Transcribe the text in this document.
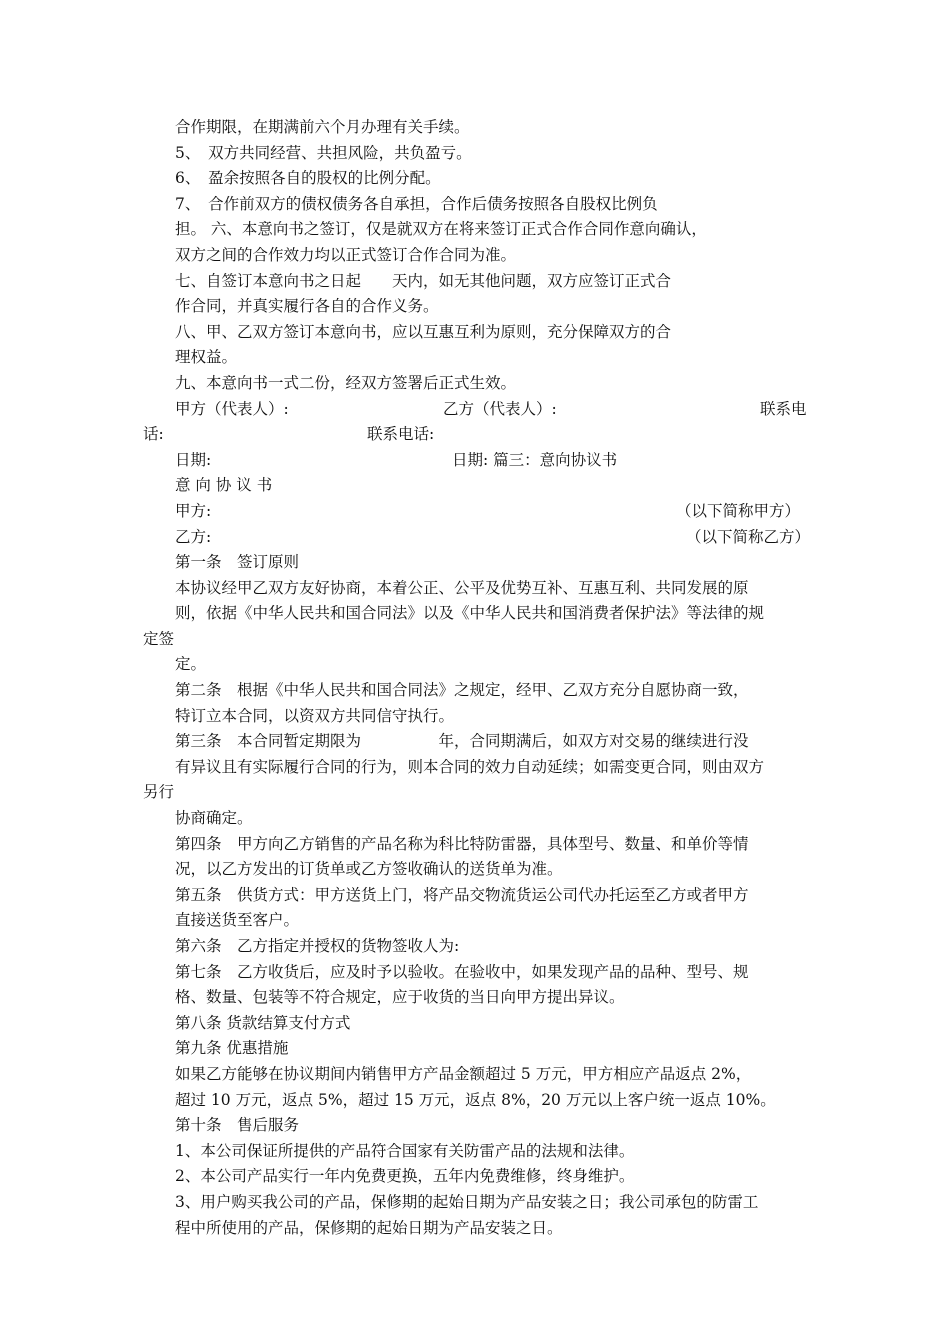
合作期限，在期满前六个月办理有关手续。
5、　双方共同经营、共担风险，共负盈亏。
6、　盈余按照各自的股权的比例分配。
7、　合作前双方的债权债务各自承担，合作后债务按照各自股权比例负
担。 六、本意向书之签订，仅是就双方在将来签订正式合作合同作意向确认，
双方之间的合作效力均以正式签订合作合同为准。
七、自签订本意向书之日起　　天内，如无其他问题，双方应签订正式合
作合同，并真实履行各自的合作义务。
八、甲、乙双方签订本意向书，应以互惠互利为原则，充分保障双方的合
理权益。
九、本意向书一式二份，经双方签署后正式生效。

甲方（代表人）:

	乙方（代表人）:

	联系电

话:

	联系电话:

日期:

	日期: 篇三：意向协议书

意 向 协 议 书

甲方:

	（以下简称甲方）

乙方:

	（以下简称乙方）

第一条　签订原则
本协议经甲乙双方友好协商，本着公正、公平及优势互补、互惠互利、共同发展的原
则，依据《中华人民共和国合同法》以及《中华人民共和国消费者保护法》等法律的规
定签
定。
第二条　根据《中华人民共和国合同法》之规定，经甲、乙双方充分自愿协商一致，
特订立本合同，以资双方共同信守执行。
第三条　本合同暂定期限为　　　　　年，合同期满后，如双方对交易的继续进行没
有异议且有实际履行合同的行为，则本合同的效力自动延续；如需变更合同，则由双方
另行
协商确定。
第四条　甲方向乙方销售的产品名称为科比特防雷器，具体型号、数量、和单价等情
况，以乙方发出的订货单或乙方签收确认的送货单为准。
第五条　供货方式：甲方送货上门，将产品交物流货运公司代办托运至乙方或者甲方
直接送货至客户。
第六条　乙方指定并授权的货物签收人为:
第七条　乙方收货后，应及时予以验收。在验收中，如果发现产品的品种、型号、规
格、数量、包装等不符合规定，应于收货的当日向甲方提出异议。
第八条 货款结算支付方式
第九条 优惠措施
如果乙方能够在协议期间内销售甲方产品金额超过 5 万元，甲方相应产品返点 2%，
超过 10 万元，返点 5%，超过 15 万元，返点 8%，20 万元以上客户统一返点 10%。
第十条　售后服务
1、本公司保证所提供的产品符合国家有关防雷产品的法规和法律。
2、本公司产品实行一年内免费更换，五年内免费维修，终身维护。
3、用户购买我公司的产品，保修期的起始日期为产品安装之日；我公司承包的防雷工
程中所使用的产品，保修期的起始日期为产品安装之日。
